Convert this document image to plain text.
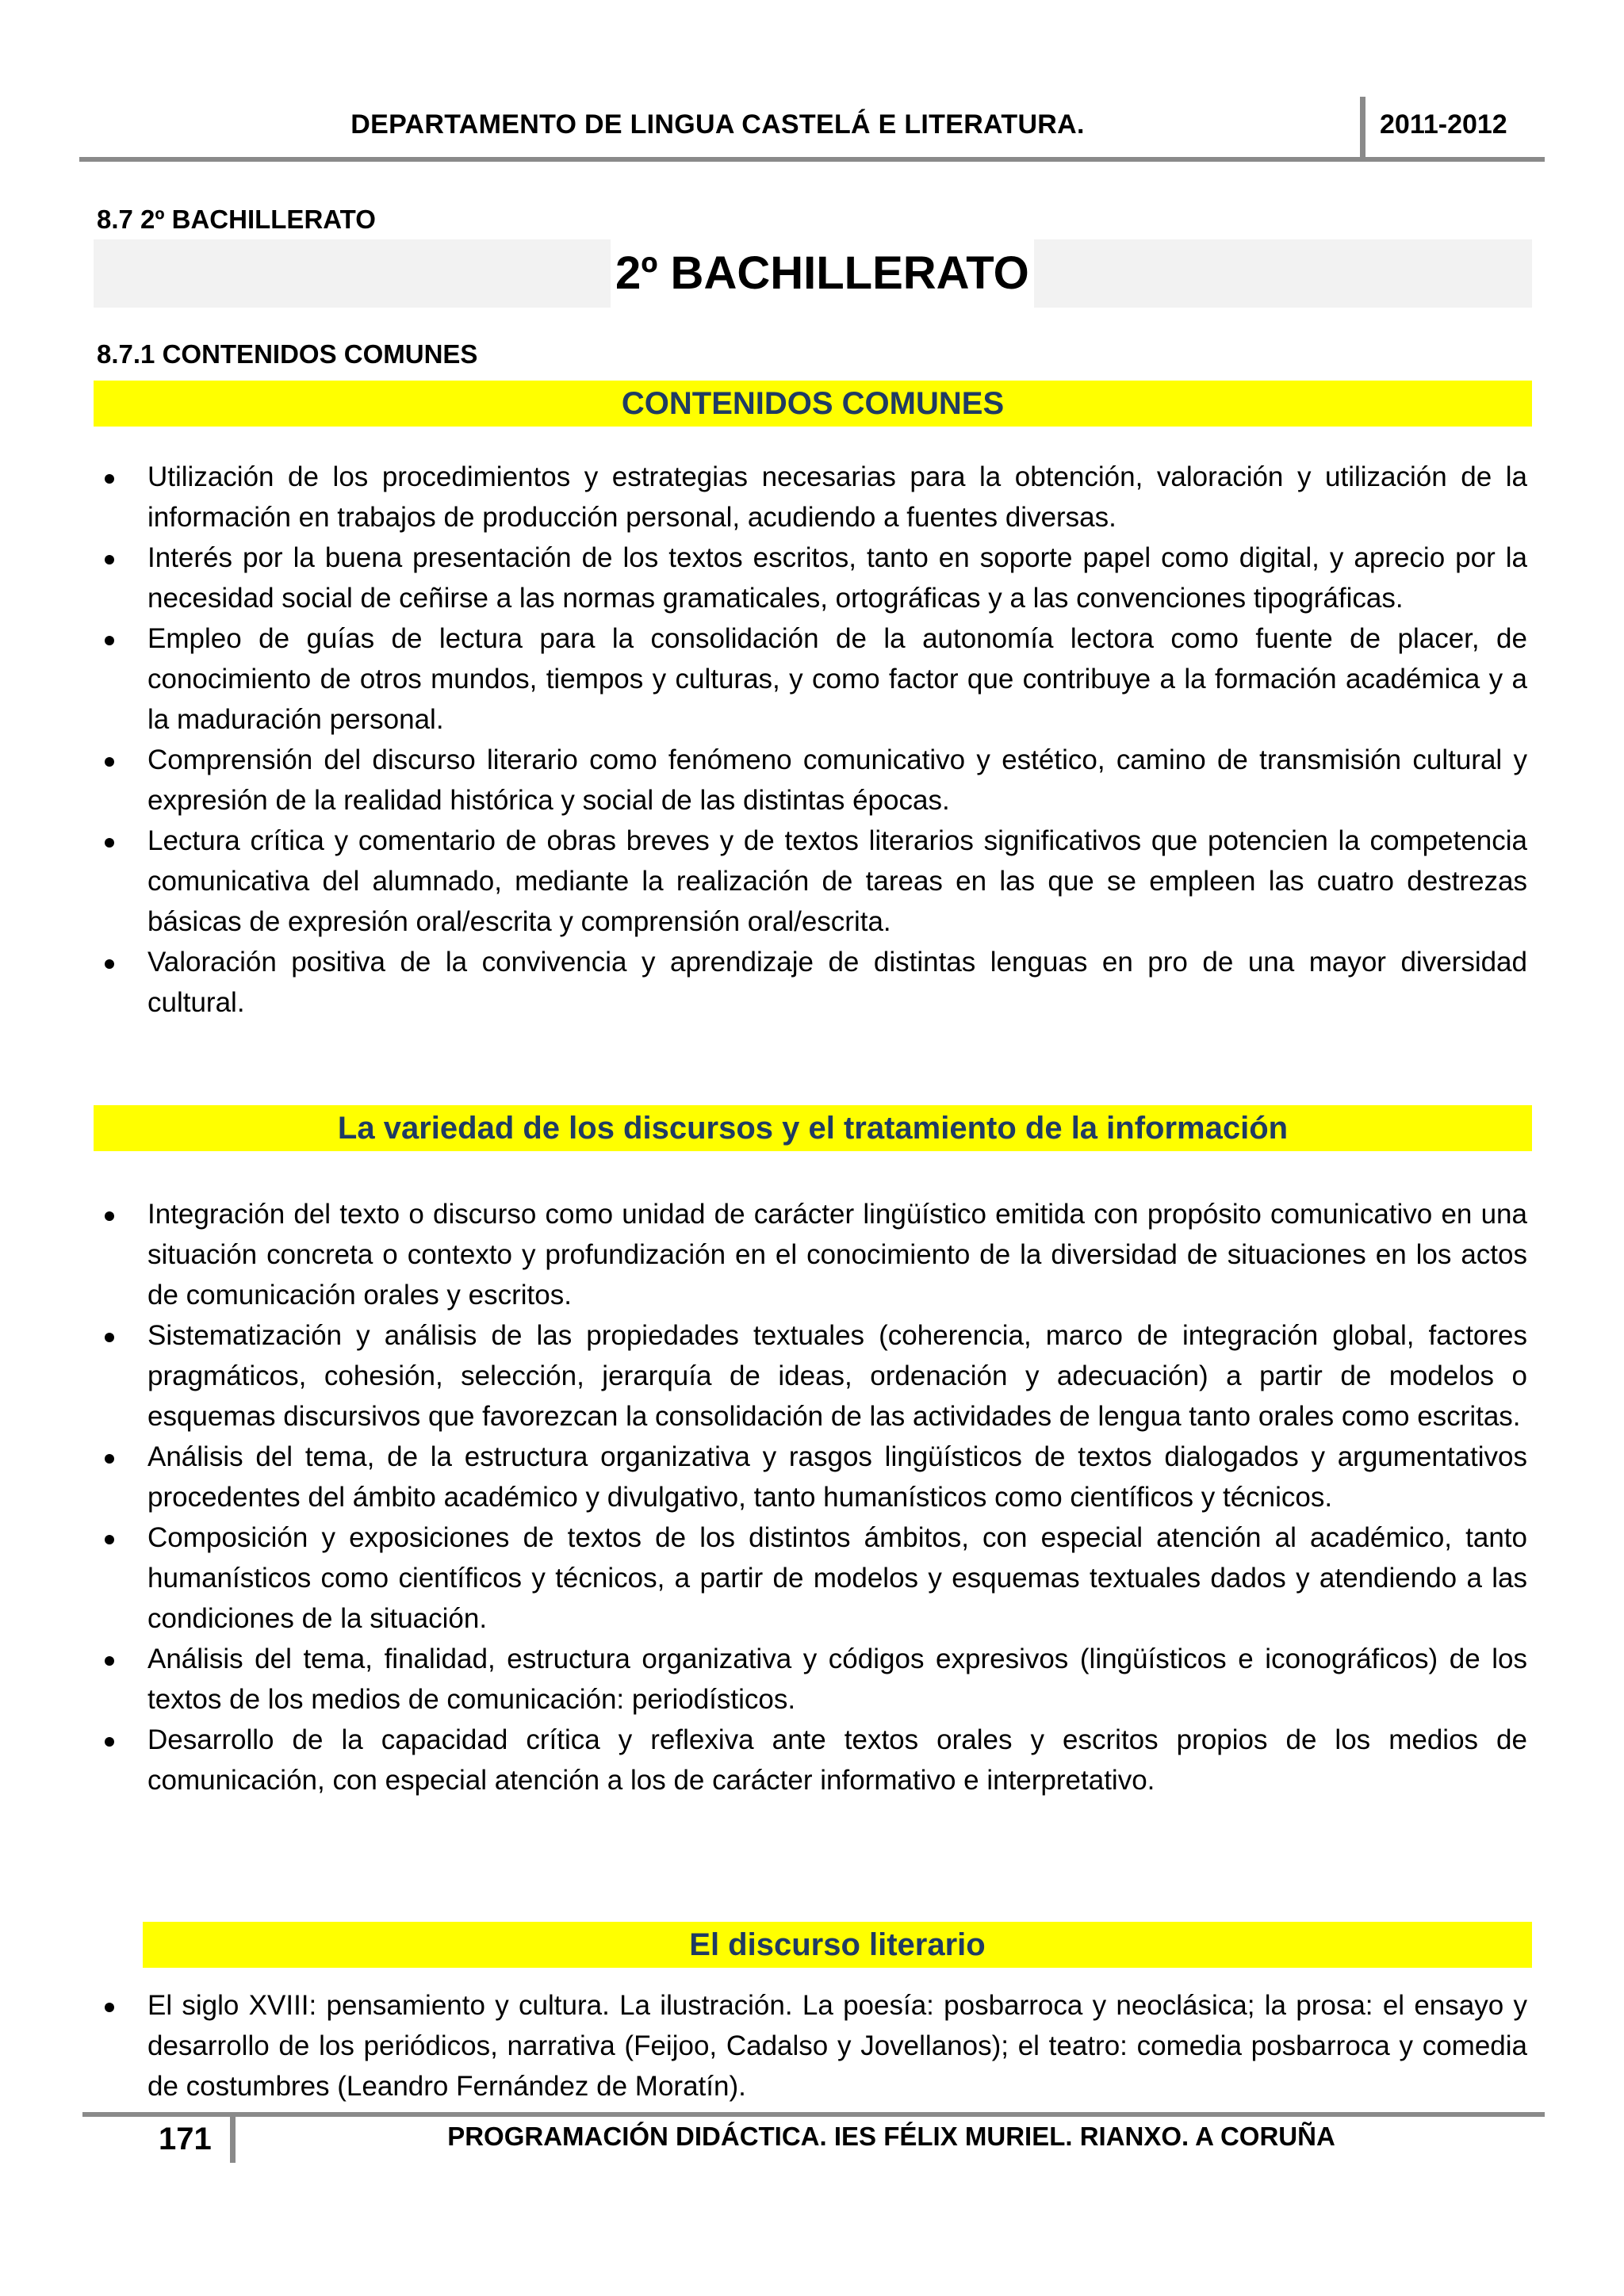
DEPARTAMENTO DE LINGUA CASTELÁ E LITERATURA.	2011-2012
8.7 2º BACHILLERATO
2º BACHILLERATO
8.7.1 CONTENIDOS COMUNES
CONTENIDOS COMUNES
Utilización de los procedimientos y estrategias necesarias para la obtención, valoración y utilización de la información en trabajos de producción personal, acudiendo a fuentes diversas.
Interés por la buena presentación de los textos escritos, tanto en soporte papel como digital, y aprecio por la necesidad social de ceñirse a las normas gramaticales, ortográficas y a las convenciones tipográficas.
Empleo de guías de lectura para la consolidación de la autonomía lectora como fuente de placer, de conocimiento de otros mundos, tiempos y culturas, y como factor que contribuye a la formación académica y a la maduración personal.
Comprensión del discurso literario como fenómeno comunicativo y estético, camino de transmisión cultural y expresión de la realidad histórica y social de las distintas épocas.
Lectura crítica y comentario de obras breves y de textos literarios significativos que potencien la competencia comunicativa del alumnado, mediante la realización de tareas en las que se empleen las cuatro destrezas básicas de expresión oral/escrita y comprensión oral/escrita.
Valoración positiva de la convivencia y aprendizaje de distintas lenguas en pro de una mayor diversidad cultural.
La variedad de los discursos y el tratamiento de la información
Integración del texto o discurso como unidad de carácter lingüístico emitida con propósito comunicativo en una situación concreta o contexto y profundización en el conocimiento de la diversidad de situaciones en los actos de comunicación orales y escritos.
Sistematización y análisis de las propiedades textuales (coherencia, marco de integración global, factores pragmáticos, cohesión, selección, jerarquía de ideas, ordenación y adecuación) a partir de modelos o esquemas discursivos que favorezcan la consolidación de las actividades de lengua tanto orales como escritas.
Análisis del tema, de la estructura organizativa y rasgos lingüísticos de textos dialogados y argumentativos procedentes del ámbito académico y divulgativo, tanto humanísticos como científicos y técnicos.
Composición y exposiciones de textos de los distintos ámbitos, con especial atención al académico, tanto humanísticos como científicos y técnicos, a partir de modelos y esquemas textuales dados y atendiendo a las condiciones de la situación.
Análisis del tema, finalidad, estructura organizativa y códigos expresivos (lingüísticos e iconográficos) de los textos de los medios de comunicación: periodísticos.
Desarrollo de la capacidad crítica y reflexiva ante textos orales y escritos propios de los medios de comunicación, con especial atención a los de carácter informativo e interpretativo.
El discurso literario
El siglo XVIII: pensamiento y cultura. La ilustración. La poesía: posbarroca y neoclásica; la prosa: el ensayo y desarrollo de los periódicos, narrativa (Feijoo, Cadalso y Jovellanos); el teatro: comedia posbarroca y comedia de costumbres (Leandro Fernández de Moratín).
171	PROGRAMACIÓN DIDÁCTICA. IES FÉLIX MURIEL. RIANXO. A CORUÑA
